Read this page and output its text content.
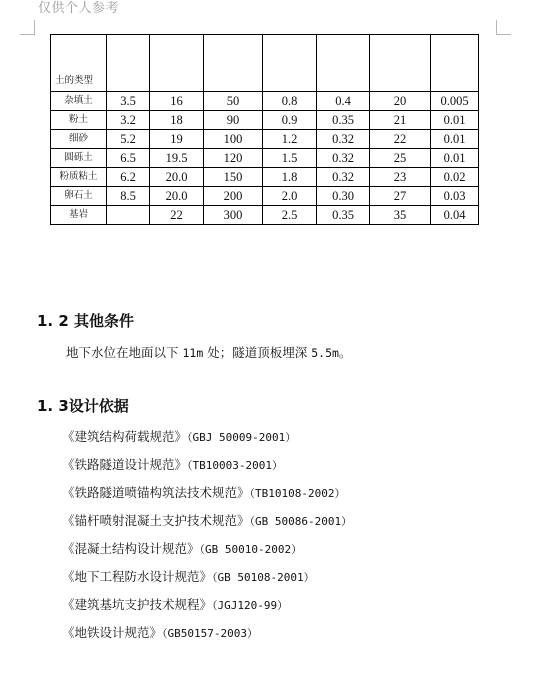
仅供个人参考
土的类型							
杂填土	3.5	16	50	0.8	0.4	20	0.005
粉土	3.2	18	90	0.9	0.35	21	0.01
细砂	5.2	19	100	1.2	0.32	22	0.01
圆砾土	6.5	19.5	120	1.5	0.32	25	0.01
粉质粘土	6.2	20.0	150	1.8	0.32	23	0.02
卵石土	8.5	20.0	200	2.0	0.30	27	0.03
基岩		22	300	2.5	0.35	35	0.04
1. 2 其他条件
地下水位在地面以下 11m 处；隧道顶板埋深 5.5m。
1. 3设计依据
《建筑结构荷载规范》（GBJ 50009-2001）
《铁路隧道设计规范》（TB10003-2001）
《铁路隧道喷锚构筑法技术规范》（TB10108-2002）
《锚杆喷射混凝土支护技术规范》（GB 50086-2001）
《混凝土结构设计规范》（GB 50010-2002）
《地下工程防水设计规范》（GB 50108-2001）
《建筑基坑支护技术规程》（JGJ120-99）
《地铁设计规范》（GB50157-2003）
